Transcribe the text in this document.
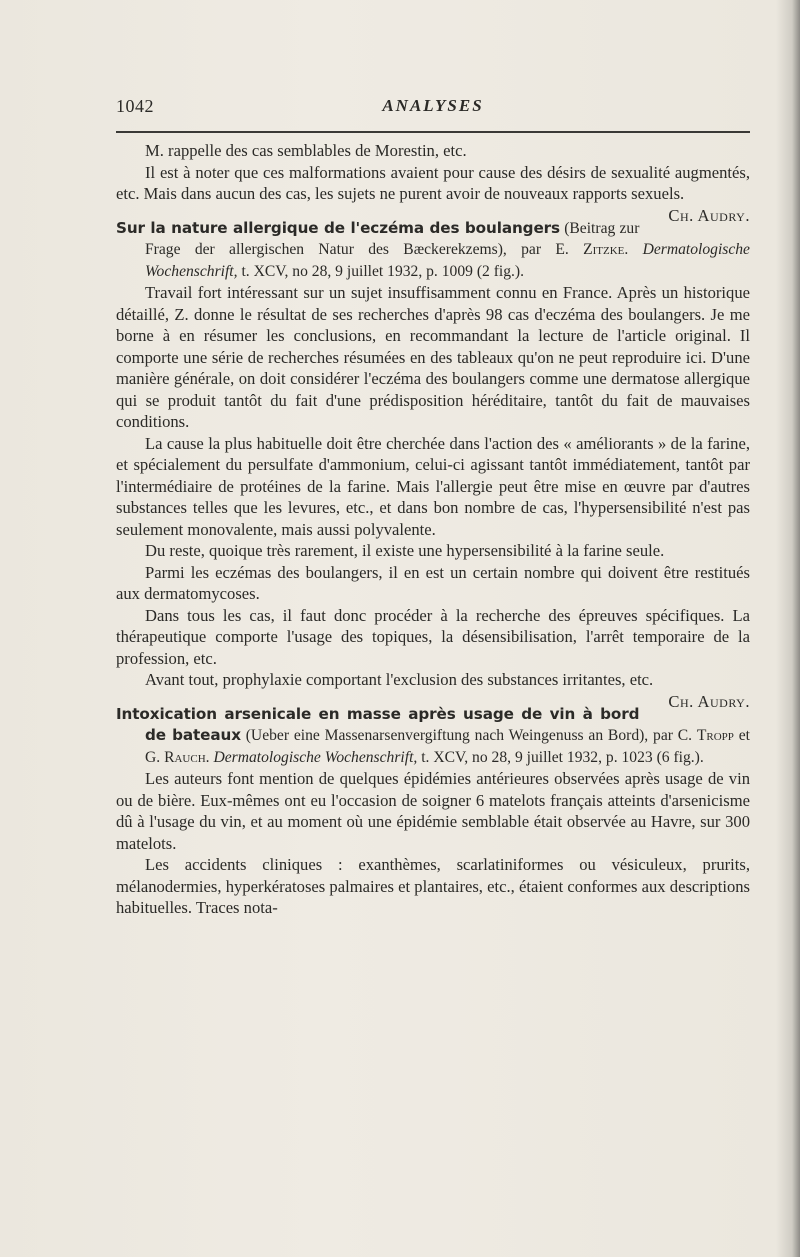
1042	ANALYSES

M. rappelle des cas semblables de Morestin, etc.

Il est à noter que ces malformations avaient pour cause des désirs de sexualité augmentés, etc. Mais dans aucun des cas, les sujets ne purent avoir de nouveaux rapports sexuels.
Ch. Audry.

Sur la nature allergique de l'eczéma des boulangers (Beitrag zur Frage der allergischen Natur des Bæckerekzems), par E. Zitzke. Dermatologische Wochenschrift, t. XCV, no 28, 9 juillet 1932, p. 1009 (2 fig.).

Travail fort intéressant sur un sujet insuffisamment connu en France. Après un historique détaillé, Z. donne le résultat de ses recherches d'après 98 cas d'eczéma des boulangers. Je me borne à en résumer les conclusions, en recommandant la lecture de l'article original. Il comporte une série de recherches résumées en des tableaux qu'on ne peut reproduire ici. D'une manière générale, on doit considérer l'eczéma des boulangers comme une dermatose allergique qui se produit tantôt du fait d'une prédisposition héréditaire, tantôt du fait de mauvaises conditions.

La cause la plus habituelle doit être cherchée dans l'action des « améliorants » de la farine, et spécialement du persulfate d'ammonium, celui-ci agissant tantôt immédiatement, tantôt par l'intermédiaire de protéines de la farine. Mais l'allergie peut être mise en œuvre par d'autres substances telles que les levures, etc., et dans bon nombre de cas, l'hypersensibilité n'est pas seulement monovalente, mais aussi polyvalente.

Du reste, quoique très rarement, il existe une hypersensibilité à la farine seule.

Parmi les eczémas des boulangers, il en est un certain nombre qui doivent être restitués aux dermatomycoses.

Dans tous les cas, il faut donc procéder à la recherche des épreuves spécifiques. La thérapeutique comporte l'usage des topiques, la désensibilisation, l'arrêt temporaire de la profession, etc.

Avant tout, prophylaxie comportant l'exclusion des substances irritantes, etc.
Ch. Audry.

Intoxication arsenicale en masse après usage de vin à bord de bateaux (Ueber eine Massenarsenvergiftung nach Weingenuss an Bord), par C. Tropp et G. Rauch. Dermatologische Wochenschrift, t. XCV, no 28, 9 juillet 1932, p. 1023 (6 fig.).

Les auteurs font mention de quelques épidémies antérieures observées après usage de vin ou de bière. Eux-mêmes ont eu l'occasion de soigner 6 matelots français atteints d'arsenicisme dû à l'usage du vin, et au moment où une épidémie semblable était observée au Havre, sur 300 matelots.

Les accidents cliniques : exanthèmes, scarlatiniformes ou vésiculeux, prurits, mélanodermies, hyperkératoses palmaires et plantaires, etc., étaient conformes aux descriptions habituelles. Traces nota-
